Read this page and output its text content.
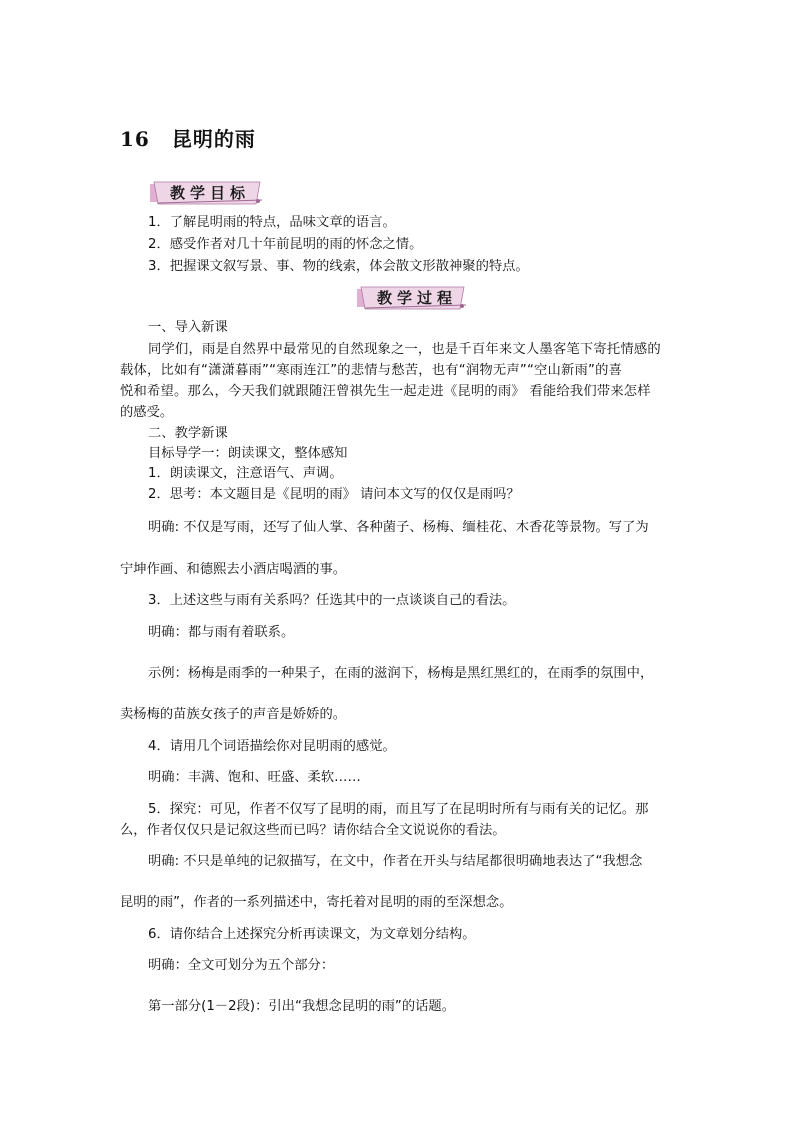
16 昆明的雨
教学目标
1．了解昆明雨的特点，品味文章的语言。
2．感受作者对几十年前昆明的雨的怀念之情。
3．把握课文叙写景、事、物的线索，体会散文形散神聚的特点。
教学过程
一、导入新课
同学们，雨是自然界中最常见的自然现象之一，也是千百年来文人墨客笔下寄托情感的
载体，比如有“潇潇暮雨”“寒雨连江”的悲情与愁苦，也有“润物无声”“空山新雨”的喜
悦和希望。那么，今天我们就跟随汪曾祺先生一起走进《昆明的雨》 看能给我们带来怎样
的感受。
二、教学新课
目标导学一：朗读课文，整体感知
1．朗读课文，注意语气、声调。
2．思考：本文题目是《昆明的雨》 请问本文写的仅仅是雨吗？
明确: 不仅是写雨，还写了仙人掌、各种菌子、杨梅、缅桂花、木香花等景物。写了为
宁坤作画、和德熙去小酒店喝酒的事。
3．上述这些与雨有关系吗？任选其中的一点谈谈自己的看法。
明确：都与雨有着联系。
示例：杨梅是雨季的一种果子，在雨的滋润下，杨梅是黑红黑红的，在雨季的氛围中，
卖杨梅的苗族女孩子的声音是娇娇的。
4．请用几个词语描绘你对昆明雨的感觉。
明确：丰满、饱和、旺盛、柔软……
5．探究：可见，作者不仅写了昆明的雨，而且写了在昆明时所有与雨有关的记忆。那
么，作者仅仅只是记叙这些而已吗？请你结合全文说说你的看法。
明确: 不只是单纯的记叙描写，在文中，作者在开头与结尾都很明确地表达了“我想念
昆明的雨”，作者的一系列描述中，寄托着对昆明的雨的至深想念。
6．请你结合上述探究分析再读课文，为文章划分结构。
明确：全文可划分为五个部分：
第一部分(1－2段)：引出“我想念昆明的雨”的话题。
